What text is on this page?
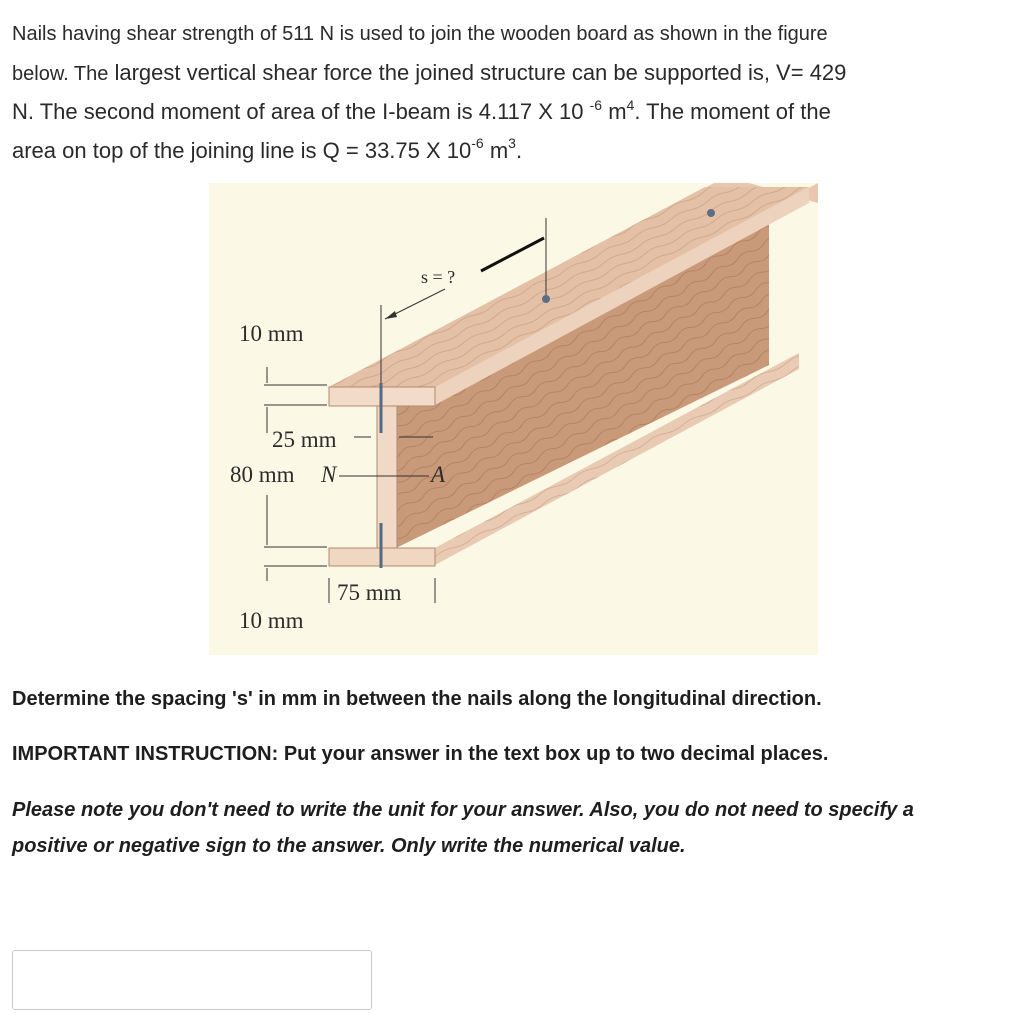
Nails having shear strength of 511 N is used to join the wooden board as shown in the figure
below. The largest vertical shear force the joined structure can be supported is, V= 429
N. The second moment of area of the I-beam is 4.117 X 10 $^{-6}$ $m^4$. The moment of the
area on top of the joining line is Q = 33.75 X $10^{-6}$ $m^3$.
s = ?
10 mm
25 mm
80 mm N	A
75 mm
10 mm
Determine the spacing 's' in mm in between the nails along the longitudinal direction.
IMPORTANT INSTRUCTION: Put your answer in the text box up to two decimal places.
Please note you don't need to write the unit for your answer. Also, you do not need to specify a positive or negative sign to the answer. Only write the numerical value.
